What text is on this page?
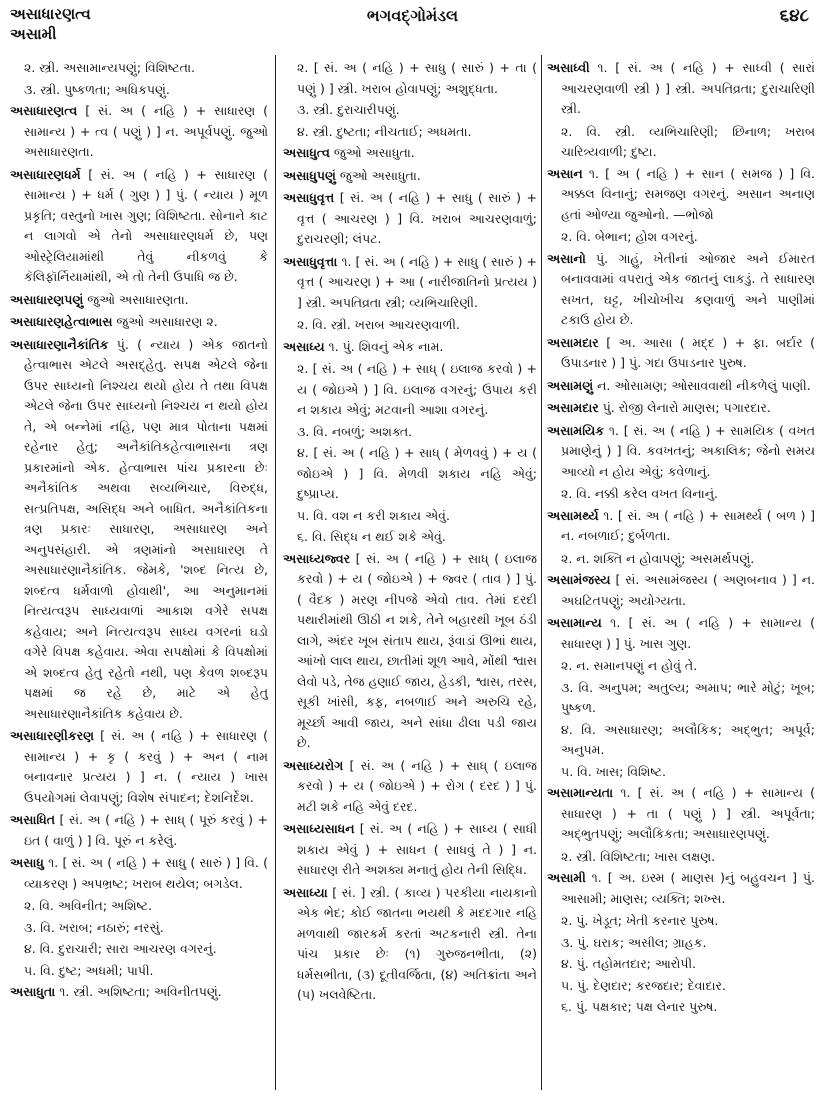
અસાધારણત્વ
અસામી
ભગવદ્ગોમંડલ	૬૪૮
૨. સ્ત્રી. અસામાન્યપણું; વિશિષ્ટતા.
૩. સ્ત્રી. પુષ્કળતા; અધિકપણું.
અસાધારણત્વ [ સં. અ ( નહિ ) + સાધારણ ( સામાન્ય ) + ત્વ ( પણું ) ] ન. અપૂર્વપણું. જુઓ અસાધારણતા.
અસાધારણધર્મ [ સં. અ ( નહિ ) + સાધારણ ( સામાન્ય ) + ધર્મ ( ગુણ ) ] પું. ( ન્યાય ) મૂળ પ્રકૃતિ; વસ્તુનો ખાસ ગુણ; વિશિષ્ટતા. સોનાને કાટ ન લાગવો એ તેનો અસાધારણધર્મ છે, પણ ઓસ્ટ્રેલિયામાંથી તેવું નીકળવું કે કૅલિફૉર્નિયામાંથી, એ તો તેની ઉપાધિ જ છે.
અસાધારણપણું જુઓ અસાધારણતા.
અસાધારણહેત્વાભાસ જુઓ અસાધારણ ૨.
અસાધારણાનૈકાંતિક પું. ( ન્યાય ) એક જાતનો હેત્વાભાસ એટલે અસદ્હેતુ. સપક્ષ એટલે જેના ઉપર સાધ્યનો નિશ્ચય થયો હોય તે તથા વિપક્ષ એટલે જેના ઉપર સાધ્યનો નિશ્ચય ન થયો હોય તે, એ બન્નેમાં નહિ, પણ માત્ર પોતાના પક્ષમાં રહેનાર હેતુ; અનૈકાંતિકહેત્વાભાસના ત્રણ પ્રકારમાંનો એક. હેત્વાભાસ પાંચ પ્રકારના છેઃ અનૈકાંતિક અથવા સવ્યભિચાર, વિરુદ્ધ, સત્પ્રતિપક્ષ, અસિદ્ધ અને બાધિત. અનૈકાંતિકના ત્રણ પ્રકારઃ સાધારણ, અસાધારણ અને અનુપસંહારી. એ ત્રણમાંનો અસાધારણ તે અસાધારણાનૈકાંતિક. જેમકે, 'શબ્દ નિત્ય છે, શબ્દત્વ ધર્મવાળો હોવાથી', આ અનુમાનમાં નિત્યત્વરૂપ સાધ્યવાળાં આકાશ વગેરે સપક્ષ કહેવાય; અને નિત્યત્વરૂપ સાધ્ય વગરનાં ઘડો વગેરે વિપક્ષ કહેવાય. એવા સપક્ષોમાં કે વિપક્ષોમાં એ શબ્દત્વ હેતુ રહેતો નથી, પણ કેવળ શબ્દરૂપ પક્ષમાં જ રહે છે, માટે એ હેતુ અસાધારણાનૈકાંતિક કહેવાય છે.
અસાધારણીકરણ [ સં. અ ( નહિ ) + સાધારણ ( સામાન્ય ) + કૃ ( કરવું ) + અન ( નામ બનાવનાર પ્રત્યય ) ] ન. ( ન્યાય ) ખાસ ઉપયોગમાં લેવાપણું; વિશેષ સંપાદન; દેશનિર્દેશ.
અસાધિત [ સં. અ ( નહિ ) + સાધ્ ( પૂરું કરવું ) + ઇત ( વાળું ) ] વિ. પૂરું ન કરેલું.
અસાધુ ૧. [ સં. અ ( નહિ ) + સાધુ ( સારું ) ] વિ. ( વ્યાકરણ ) અપભ્રષ્ટ; ખરાબ થયેલ; બગડેલ.
૨. વિ. અવિનીત; અશિષ્ટ.
૩. વિ. ખરાબ; નઠારું; નરસું.
૪. વિ. દુરાચારી; સારા આચરણ વગરનું.
૫. વિ. દુષ્ટ; અધમી; પાપી.
અસાધુતા ૧. સ્ત્રી. અશિષ્ટતા; અવિનીતપણું.
૨. [ સં. અ ( નહિ ) + સાધુ ( સારું ) + તા ( પણું ) ] સ્ત્રી. ખરાબ હોવાપણું; અશુદ્ધતા.
૩. સ્ત્રી. દુરાચારીપણું.
૪. સ્ત્રી. દુષ્ટતા; નીચતાઈ; અધમતા.
અસાધુત્વ જુઓ અસાધુતા.
અસાધુપણું જુઓ અસાધુતા.
અસાધુવૃત્ત [ સં. અ ( નહિ ) + સાધુ ( સારું ) + વૃત્ત ( આચરણ ) ] વિ. ખરાબ આચરણવાળું; દુરાચરણી; લંપટ.
અસાધુવૃત્તા ૧. [ સં. અ ( નહિ ) + સાધુ ( સારું ) + વૃત્ત ( આચરણ ) + આ ( નારીજાતિનો પ્રત્યય ) ] સ્ત્રી. અપતિવ્રતા સ્ત્રી; વ્યભિચારિણી.
૨. વિ. સ્ત્રી. ખરાબ આચરણવાળી.
અસાધ્ય ૧. પું. શિવનું એક નામ.
૨. [ સં. અ ( નહિ ) + સાધ્ ( ઇલાજ કરવો ) + ય ( જોઇએ ) ] વિ. ઇલાજ વગરનું; ઉપાય કરી ન શકાય એવું; મટવાની આશા વગરનું.
૩. વિ. નબળું; અશક્ત.
૪. [ સં. અ ( નહિ ) + સાધ્ ( મેળવવું ) + ય ( જોઇએ ) ] વિ. મેળવી શકાય નહિ એવું; દુષ્પ્રાપ્ય.
૫. વિ. વશ ન કરી શકાય એવું.
૬. વિ. સિદ્ધ ન થઈ શકે એવું.
અસાધ્યજ્વર [ સં. અ ( નહિ ) + સાધ્ ( ઇલાજ કરવો ) + ય ( જોઇએ ) + જ્વર ( તાવ ) ] પું. ( વૈદક ) મરણ નીપજે એવો તાવ. તેમાં દરદી પથારીમાંથી ઊઠી ન શકે, તેને બહારથી ખૂબ ઠંડી લાગે, અંદર ખૂબ સંતાપ થાય, રૂંવાડાં ઊભાં થાય, આંખો લાલ થાય, છાતીમાં શૂળ આવે, મોંથી શ્વાસ લેવો પડે, તેજ હણાઈ જાય, હેડકી, શ્વાસ, તરસ, સૂકી ખાંસી, કફ, નબળાઈ અને અરુચિ રહે, મૂર્ચ્છા આવી જાય, અને સાંધા ઢીલા પડી જાય છે.
અસાધ્યરોગ [ સં. અ ( નહિ ) + સાધ્ ( ઇલાજ કરવો ) + ય ( જોઇએ ) + રોગ ( દરદ ) ] પું. મટી શકે નહિ એવું દરદ.
અસાધ્યસાધન [ સં. અ ( નહિ ) + સાધ્ય ( સાધી શકાય એવું ) + સાધન ( સાધવું તે ) ] ન. સાધારણ રીતે અશક્ય મનાતું હોય તેની સિદ્ધિ.
અસાધ્યા [ સં. ] સ્ત્રી. ( કાવ્ય ) પરકીયા નાયકાનો એક ભેદ; કોઈ જાતના ભયથી કે મદદગાર નહિ મળવાથી જારકર્મ કરતાં અટકનારી સ્ત્રી. તેના પાંચ પ્રકાર છેઃ (૧) ગુરુજનભીતા, (૨) ધર્મસભીતા, (૩) દૂતીવર્જિતા, (૪) અતિક્રાંતા અને (૫) ખલવેષ્ટિતા.
અસાધ્વી ૧. [ સં. અ ( નહિ ) + સાધ્વી ( સારાં આચરણવાળી સ્ત્રી ) ] સ્ત્રી. અપતિવ્રતા; દુરાચારિણી સ્ત્રી.
૨. વિ. સ્ત્રી. વ્યભિચારિણી; છિનાળ; ખરાબ ચારિત્ર્યવાળી; દુષ્ટા.
અસાન ૧. [ અ ( નહિ ) + સાન ( સમજ ) ] વિ. અક્કલ વિનાનું; સમજણ વગરનું. અસાન અનાણ હતાં ઓળ્યા જુઓનો. —ભોજો
૨. વિ. બેભાન; હોશ વગરનું.
અસાનો પું. ગાહું, ખેતીનાં ઓજાર અને ઈમારત બનાવવામાં વપરાતું એક જાતનું લાકડું. તે સાધારણ સખત, ઘટ્ટ, ખીચોખીચ કણવાળું અને પાણીમાં ટકાઉ હોય છે.
અસામદાર [ અ. આસા ( મદ્દ ) + ફા. બર્દાર ( ઉપાડનાર ) ] પું. ગદા ઉપાડનાર પુરુષ.
અસામણું ન. ઓસામણ; ઓસાવવાથી નીકળેલું પાણી.
અસામદાર પું. રોજી લેનારો માણસ; પગારદાર.
અસામયિક ૧. [ સં. અ ( નહિ ) + સામયિક ( વખત પ્રમાણેનું ) ] વિ. કવખતનું; અકાલિક; જેનો સમય આવ્યો ન હોય એવું; કવેળાનું.
૨. વિ. નક્કી કરેલ વખત વિનાનું.
અસામર્થ્ય ૧. [ સં. અ ( નહિ ) + સામર્થ્ય ( બળ ) ] ન. નબળાઈ; દુર્બળતા.
૨. ન. શક્તિ ન હોવાપણું; અસમર્થપણું.
અસામંજસ્ય [ સં. અસામંજસ્ય ( અણબનાવ ) ] ન. અઘટિતપણું; અયોગ્યતા.
અસામાન્ય ૧. [ સં. અ ( નહિ ) + સામાન્ય ( સાધારણ ) ] પું. ખાસ ગુણ.
૨. ન. સમાનપણું ન હોવું તે.
૩. વિ. અનુપમ; અતુલ્ય; અમાપ; ભારે મોટું; ખૂબ; પુષ્કળ.
૪. વિ. અસાધારણ; અલૌકિક; અદ્ભુત; અપૂર્વ; અનુપમ.
૫. વિ. ખાસ; વિશિષ્ટ.
અસામાન્યતા ૧. [ સં. અ ( નહિ ) + સામાન્ય ( સાધારણ ) + તા ( પણું ) ] સ્ત્રી. અપૂર્વતા; અદ્ભુતપણું; અલૌકિકતા; અસાધારણપણું.
૨. સ્ત્રી. વિશિષ્ટતા; ખાસ લક્ષણ.
અસામી ૧. [ અ. ઇસ્મ ( માણસ )નું બહુવચન ] પું. આસામી; માણસ; વ્યક્તિ; શખ્સ.
૨. પું. ખેડૂત; ખેતી કરનાર પુરુષ.
૩. પું. ઘરાક; અસીલ; ગ્રાહક.
૪. પું. તહોમતદાર; આરોપી.
૫. પું. દેણદાર; કરજદાર; દેવાદાર.
૬. પું. પક્ષકાર; પક્ષ લેનાર પુરુષ.
